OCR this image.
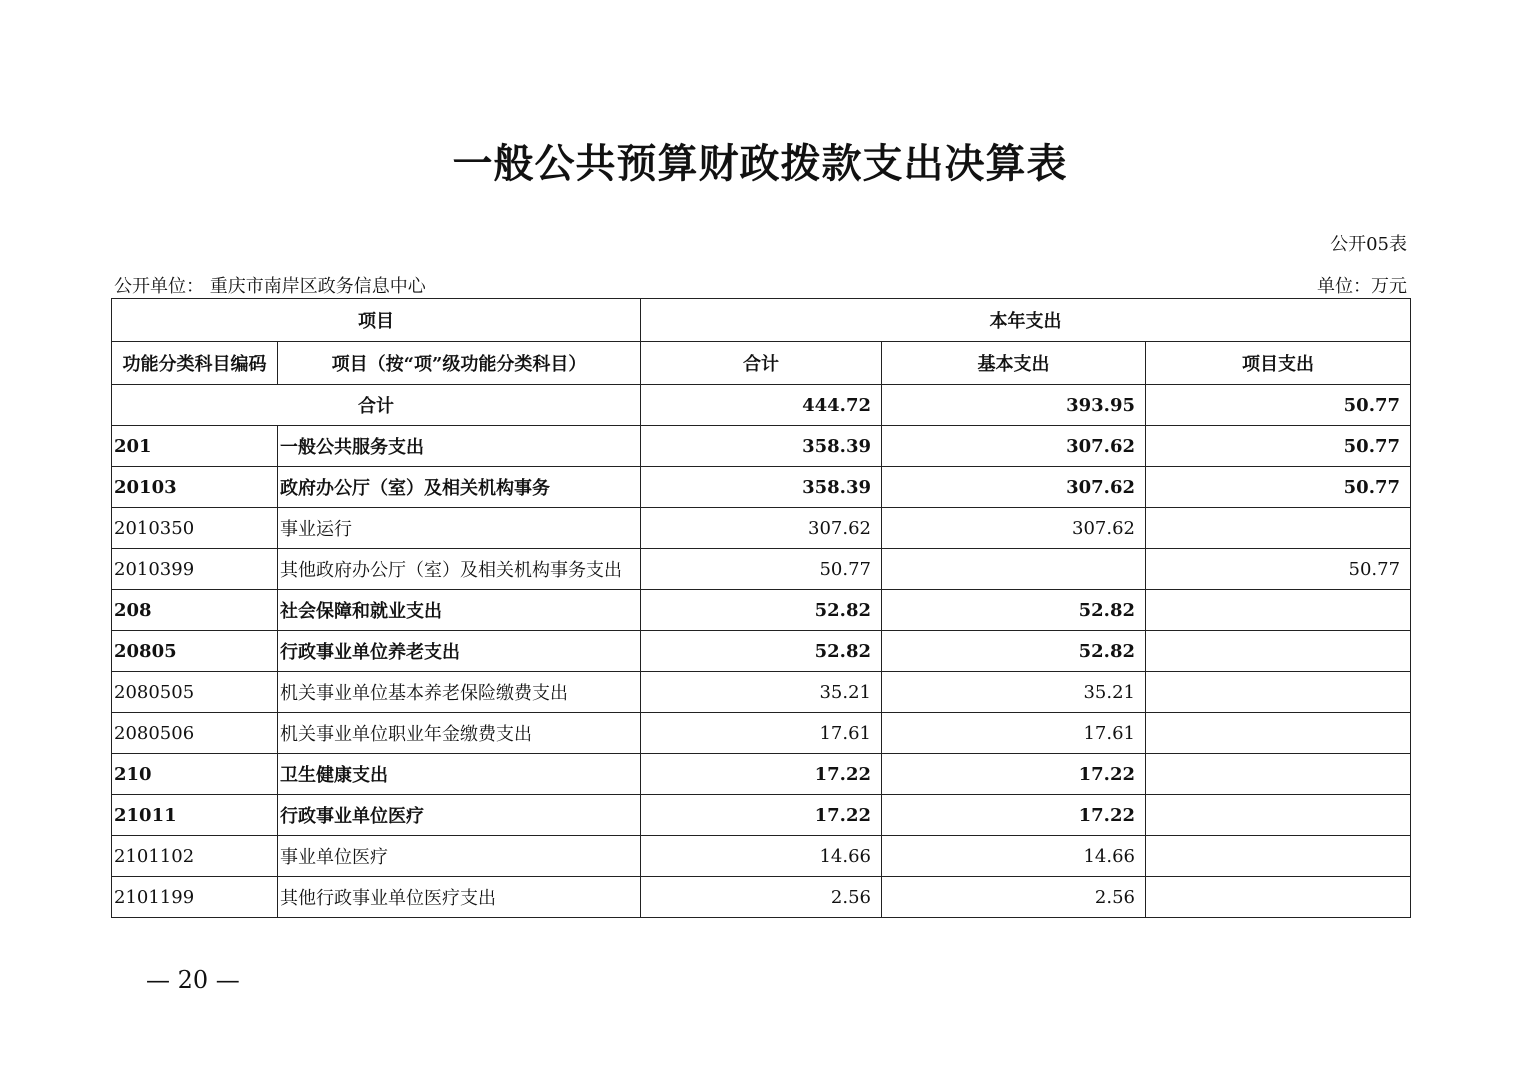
一般公共预算财政拨款支出决算表
公开05表
公开单位： 重庆市南岸区政务信息中心	单位：万元
项目		本年支出		
功能分类科目编码	项目（按“项”级功能分类科目）	合计	基本支出	项目支出
合计		444.72	393.95	50.77
201	一般公共服务支出	358.39	307.62	50.77
20103	政府办公厅（室）及相关机构事务	358.39	307.62	50.77
2010350	事业运行	307.62	307.62	
2010399	其他政府办公厅（室）及相关机构事务支出	50.77		50.77
208	社会保障和就业支出	52.82	52.82	
20805	行政事业单位养老支出	52.82	52.82	
2080505	机关事业单位基本养老保险缴费支出	35.21	35.21	
2080506	机关事业单位职业年金缴费支出	17.61	17.61	
210	卫生健康支出	17.22	17.22	
21011	行政事业单位医疗	17.22	17.22	
2101102	事业单位医疗	14.66	14.66	
2101199	其他行政事业单位医疗支出	2.56	2.56	
— 20 —
